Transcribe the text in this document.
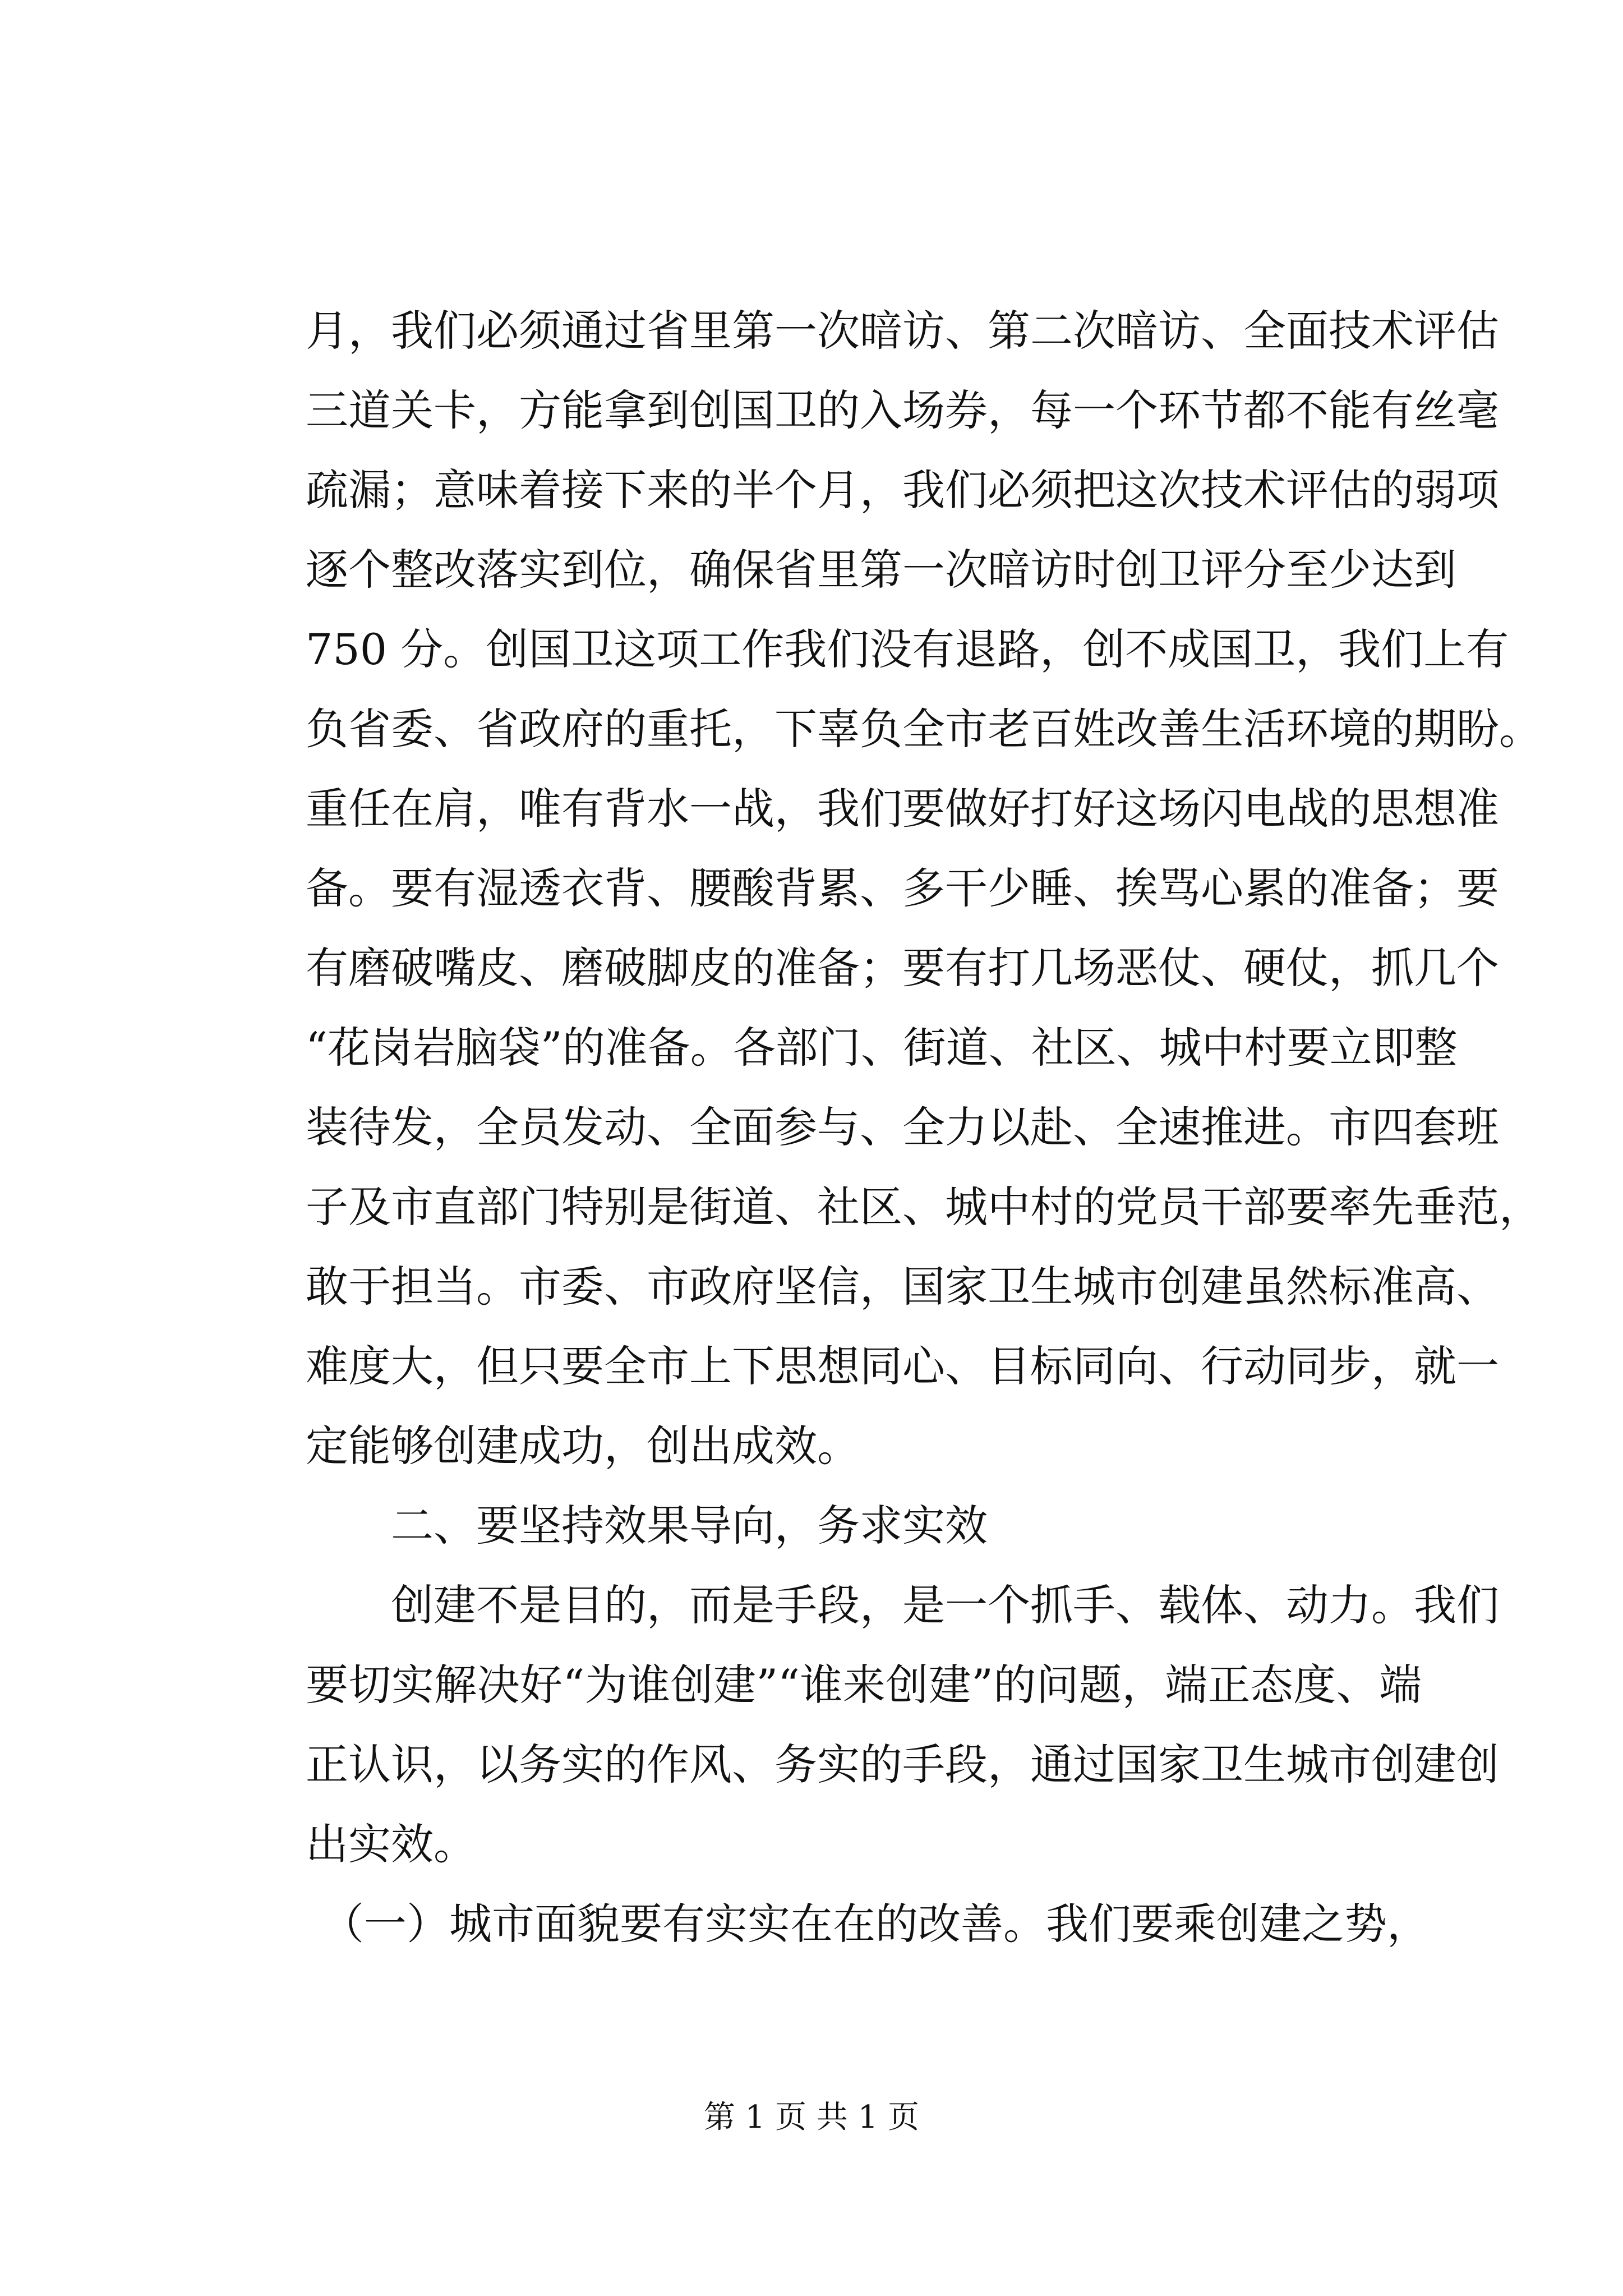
月，我们必须通过省里第一次暗访、第二次暗访、全面技术评估
三道关卡，方能拿到创国卫的入场券，每一个环节都不能有丝毫
疏漏；意味着接下来的半个月，我们必须把这次技术评估的弱项
逐个整改落实到位，确保省里第一次暗访时创卫评分至少达到
750 分。创国卫这项工作我们没有退路，创不成国卫，我们上有
负省委、省政府的重托，下辜负全市老百姓改善生活环境的期盼。
重任在肩，唯有背水一战，我们要做好打好这场闪电战的思想准
备。要有湿透衣背、腰酸背累、多干少睡、挨骂心累的准备；要
有磨破嘴皮、磨破脚皮的准备；要有打几场恶仗、硬仗，抓几个
“花岗岩脑袋”的准备。各部门、街道、社区、城中村要立即整
装待发，全员发动、全面参与、全力以赴、全速推进。市四套班
子及市直部门特别是街道、社区、城中村的党员干部要率先垂范，
敢于担当。市委、市政府坚信，国家卫生城市创建虽然标准高、
难度大，但只要全市上下思想同心、目标同向、行动同步，就一
定能够创建成功，创出成效。
二、要坚持效果导向，务求实效
创建不是目的，而是手段，是一个抓手、载体、动力。我们
要切实解决好“为谁创建”“谁来创建”的问题，端正态度、端
正认识，以务实的作风、务实的手段，通过国家卫生城市创建创
出实效。
（一）城市面貌要有实实在在的改善。我们要乘创建之势，
第 1 页 共 1 页
